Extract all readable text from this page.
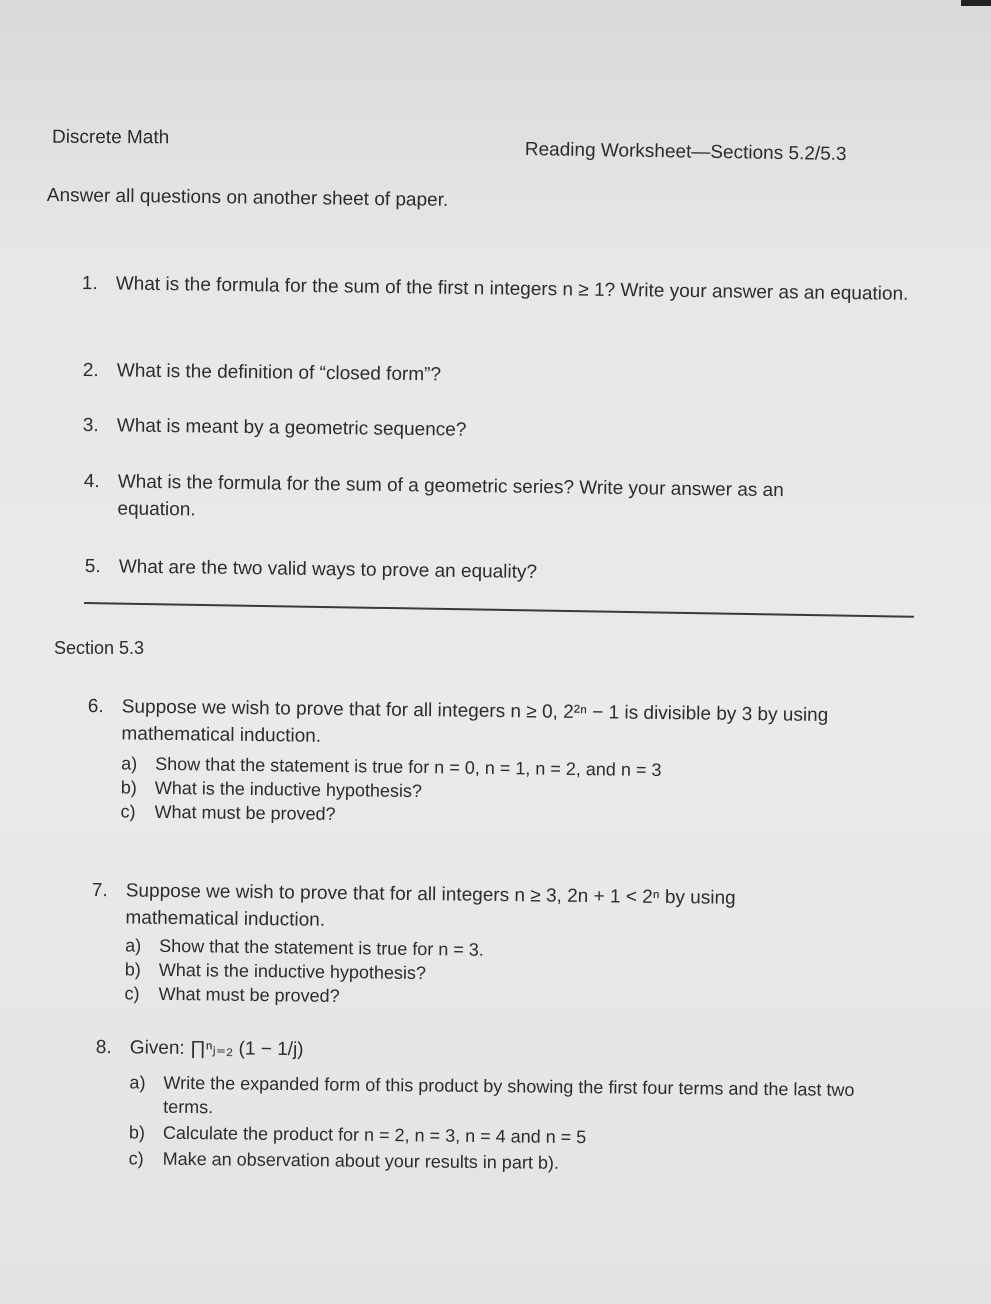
Discrete Math
Reading Worksheet—Sections 5.2/5.3
Answer all questions on another sheet of paper.
1. What is the formula for the sum of the first n integers n ≥ 1? Write your answer as an equation.
2. What is the definition of “closed form”?
3. What is meant by a geometric sequence?
4. What is the formula for the sum of a geometric series? Write your answer as an equation.
5. What are the two valid ways to prove an equality?
Section 5.3
6. Suppose we wish to prove that for all integers n ≥ 0, 2²ⁿ − 1 is divisible by 3 by using mathematical induction.
a) Show that the statement is true for n = 0, n = 1, n = 2, and n = 3
b) What is the inductive hypothesis?
c) What must be proved?
7. Suppose we wish to prove that for all integers n ≥ 3, 2n + 1 < 2ⁿ by using mathematical induction.
a) Show that the statement is true for n = 3.
b) What is the inductive hypothesis?
c) What must be proved?
8. Given: ∏ⁿⱼ₌₂ (1 − 1/j)
a) Write the expanded form of this product by showing the first four terms and the last two terms.
b) Calculate the product for n = 2, n = 3, n = 4 and n = 5
c) Make an observation about your results in part b).
